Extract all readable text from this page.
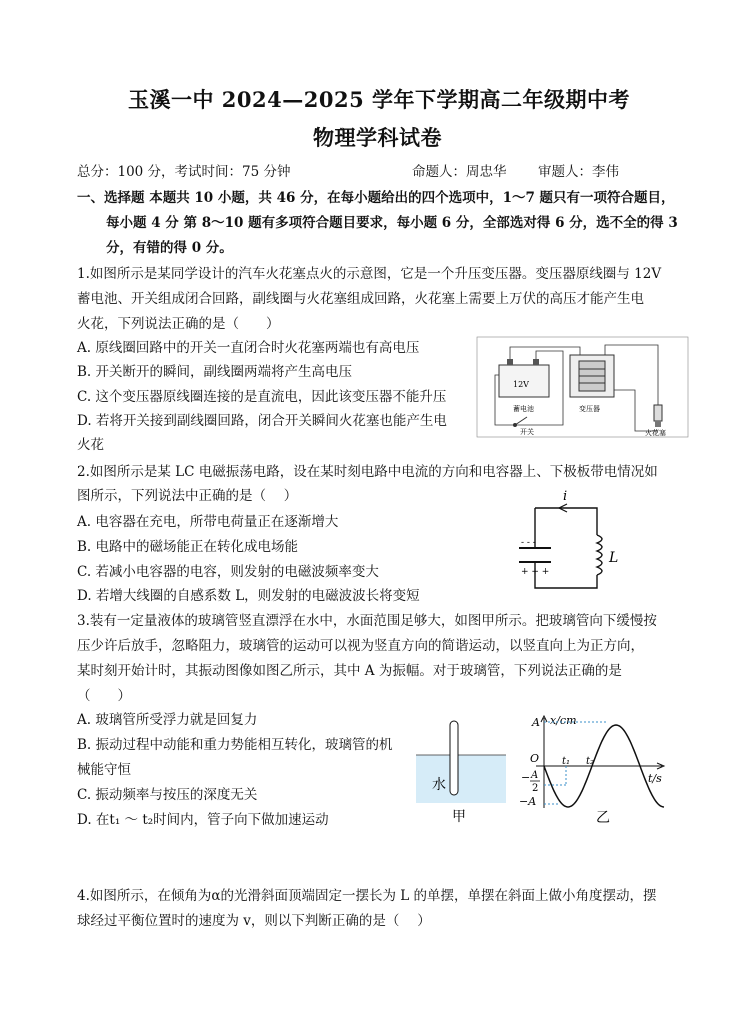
玉溪一中 2024—2025 学年下学期高二年级期中考
物理学科试卷
总分：100 分，考试时间：75 分钟	命题人：周忠华 审题人：李伟
一、选择题 本题共 10 小题，共 46 分，在每小题给出的四个选项中，1～7 题只有一项符合题目，
每小题 4 分 第 8～10 题有多项符合题目要求，每小题 6 分，全部选对得 6 分，选不全的得 3
分，有错的得 0 分。
1.如图所示是某同学设计的汽车火花塞点火的示意图，它是一个升压变压器。变压器原线圈与 12V
蓄电池、开关组成闭合回路，副线圈与火花塞组成回路，火花塞上需要上万伏的高压才能产生电
火花，下列说法正确的是（　　）
A. 原线圈回路中的开关一直闭合时火花塞两端也有高电压
B. 开关断开的瞬间，副线圈两端将产生高电压
C. 这个变压器原线圈连接的是直流电，因此该变压器不能升压
D. 若将开关接到副线圈回路，闭合开关瞬间火花塞也能产生电
火花
12V
蓄电池	变压器
开关	火花塞
2.如图所示是某 LC 电磁振荡电路，设在某时刻电路中电流的方向和电容器上、下极板带电情况如
图所示，下列说法中正确的是（　 ）
A. 电容器在充电，所带电荷量正在逐渐增大
B. 电路中的磁场能正在转化成电场能
C. 若减小电容器的电容，则发射的电磁波频率变大
D. 若增大线圈的自感系数 L，则发射的电磁波波长将变短
i
- - -
+ + +
L
3.装有一定量液体的玻璃管竖直漂浮在水中，水面范围足够大，如图甲所示。把玻璃管向下缓慢按
压少许后放手，忽略阻力，玻璃管的运动可以视为竖直方向的简谐运动，以竖直向上为正方向，
某时刻开始计时，其振动图像如图乙所示，其中 A 为振幅。对于玻璃管，下列说法正确的是
（　　）
A. 玻璃管所受浮力就是回复力
B. 振动过程中动能和重力势能相互转化，玻璃管的机
械能守恒
C. 振动频率与按压的深度无关
D. 在t₁ ～ t₂时间内，管子向下做加速运动
水
甲
x/cm
t/s
O
A
−A
− A
2
t₁ t₂
乙
4.如图所示，在倾角为α的光滑斜面顶端固定一摆长为 L 的单摆，单摆在斜面上做小角度摆动，摆
球经过平衡位置时的速度为 v，则以下判断正确的是（　 ）
